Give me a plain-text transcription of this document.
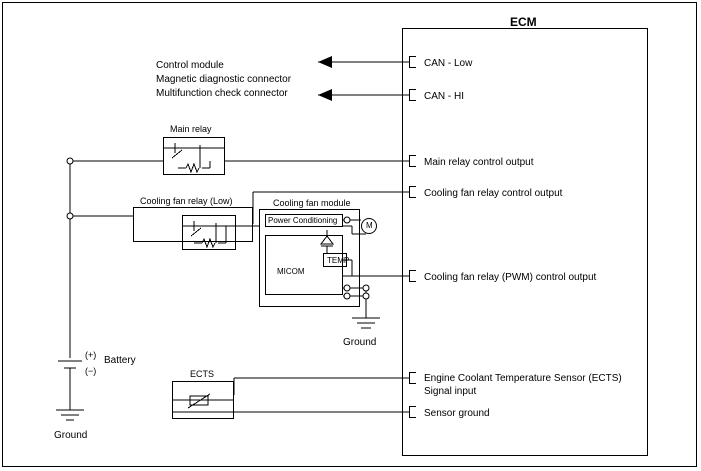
ECM
CAN - Low
CAN - HI
Main relay control output
Cooling fan relay control output
Cooling fan relay (PWM) control output
Engine Coolant Temperature Sensor (ECTS)
Signal input
Sensor ground
Control module
Magnetic diagnostic connector
Multifunction check connector
Main relay
Cooling fan relay (Low)	Cooling fan module
Power Conditioning
MICOM
TEMP
M
Ground
(+)
(−)
Battery
Ground
ECTS
